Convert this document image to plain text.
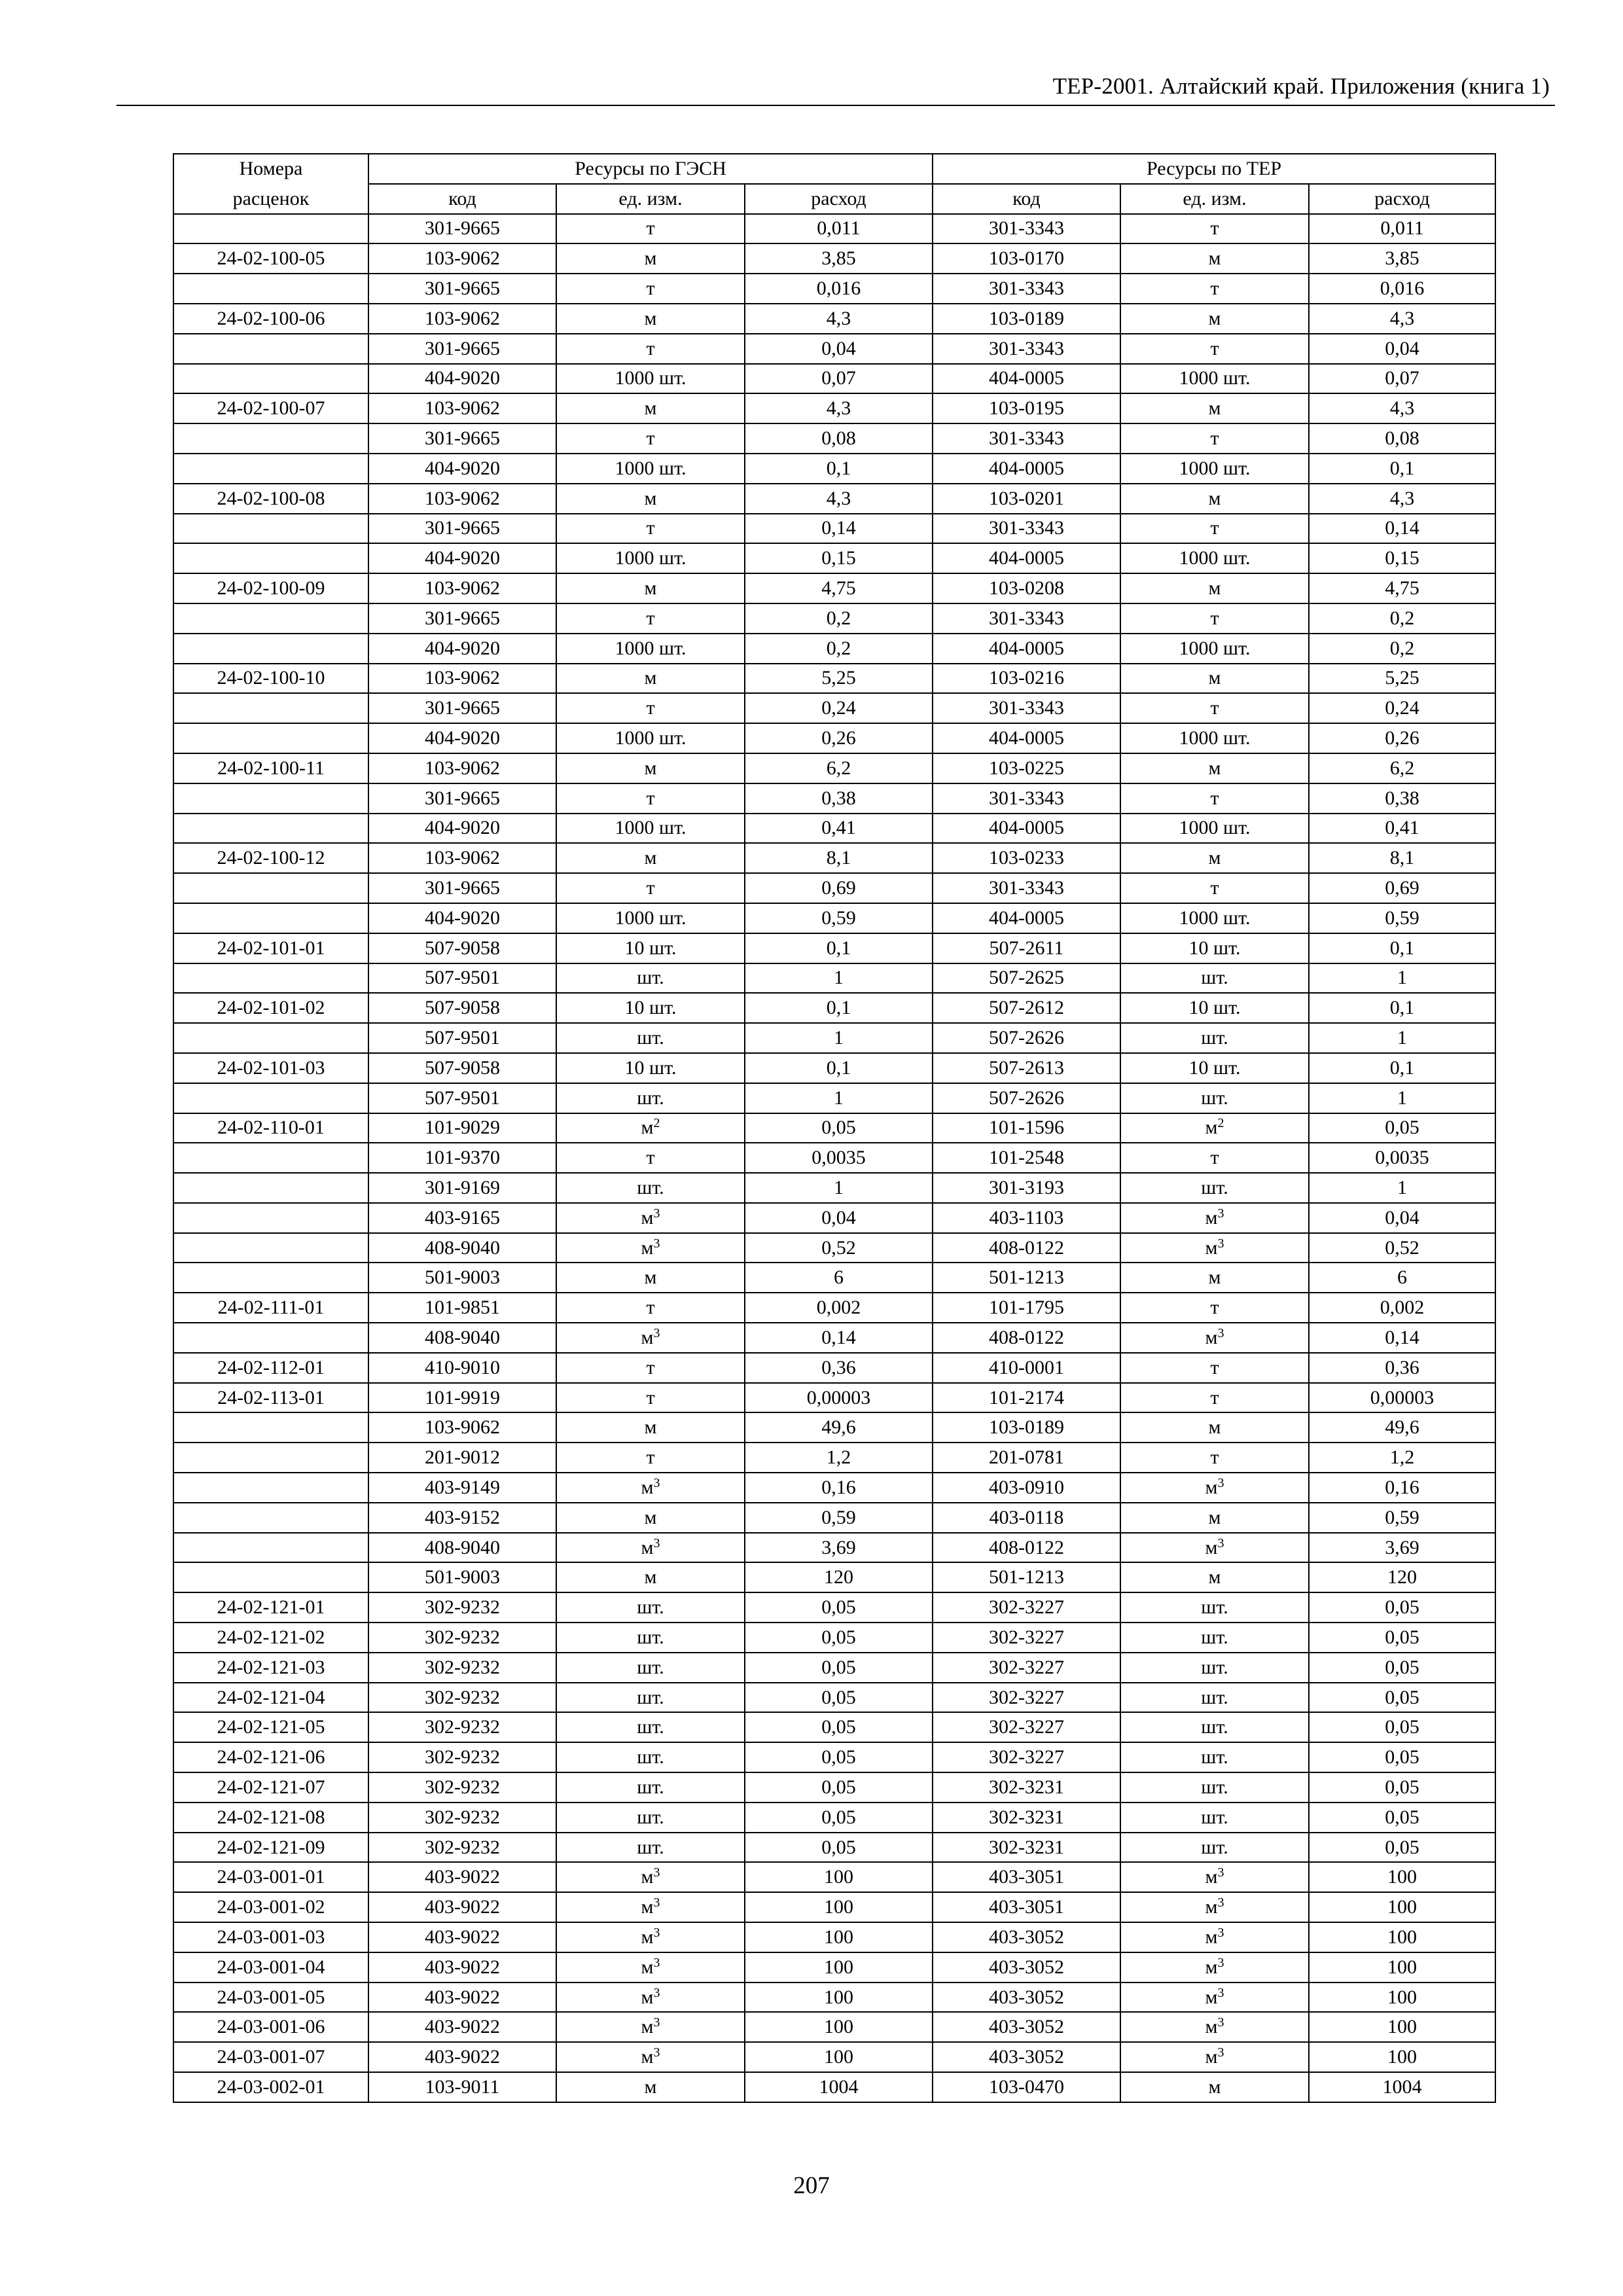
ТЕР-2001. Алтайский край. Приложения (книга 1)
Номера	Ресурсы по ГЭСН			Ресурсы по ТЕР		
расценок	код	ед. изм.	расход	код	ед. изм.	расход
	301-9665	т	0,011	301-3343	т	0,011
24-02-100-05	103-9062	м	3,85	103-0170	м	3,85
	301-9665	т	0,016	301-3343	т	0,016
24-02-100-06	103-9062	м	4,3	103-0189	м	4,3
	301-9665	т	0,04	301-3343	т	0,04
	404-9020	1000 шт.	0,07	404-0005	1000 шт.	0,07
24-02-100-07	103-9062	м	4,3	103-0195	м	4,3
	301-9665	т	0,08	301-3343	т	0,08
	404-9020	1000 шт.	0,1	404-0005	1000 шт.	0,1
24-02-100-08	103-9062	м	4,3	103-0201	м	4,3
	301-9665	т	0,14	301-3343	т	0,14
	404-9020	1000 шт.	0,15	404-0005	1000 шт.	0,15
24-02-100-09	103-9062	м	4,75	103-0208	м	4,75
	301-9665	т	0,2	301-3343	т	0,2
	404-9020	1000 шт.	0,2	404-0005	1000 шт.	0,2
24-02-100-10	103-9062	м	5,25	103-0216	м	5,25
	301-9665	т	0,24	301-3343	т	0,24
	404-9020	1000 шт.	0,26	404-0005	1000 шт.	0,26
24-02-100-11	103-9062	м	6,2	103-0225	м	6,2
	301-9665	т	0,38	301-3343	т	0,38
	404-9020	1000 шт.	0,41	404-0005	1000 шт.	0,41
24-02-100-12	103-9062	м	8,1	103-0233	м	8,1
	301-9665	т	0,69	301-3343	т	0,69
	404-9020	1000 шт.	0,59	404-0005	1000 шт.	0,59
24-02-101-01	507-9058	10 шт.	0,1	507-2611	10 шт.	0,1
	507-9501	шт.	1	507-2625	шт.	1
24-02-101-02	507-9058	10 шт.	0,1	507-2612	10 шт.	0,1
	507-9501	шт.	1	507-2626	шт.	1
24-02-101-03	507-9058	10 шт.	0,1	507-2613	10 шт.	0,1
	507-9501	шт.	1	507-2626	шт.	1
24-02-110-01	101-9029	$м^2$	0,05	101-1596	$м^2$	0,05
	101-9370	т	0,0035	101-2548	т	0,0035
	301-9169	шт.	1	301-3193	шт.	1
	403-9165	$м^3$	0,04	403-1103	$м^3$	0,04
	408-9040	$м^3$	0,52	408-0122	$м^3$	0,52
	501-9003	м	6	501-1213	м	6
24-02-111-01	101-9851	т	0,002	101-1795	т	0,002
	408-9040	$м^3$	0,14	408-0122	$м^3$	0,14
24-02-112-01	410-9010	т	0,36	410-0001	т	0,36
24-02-113-01	101-9919	т	0,00003	101-2174	т	0,00003
	103-9062	м	49,6	103-0189	м	49,6
	201-9012	т	1,2	201-0781	т	1,2
	403-9149	$м^3$	0,16	403-0910	$м^3$	0,16
	403-9152	м	0,59	403-0118	м	0,59
	408-9040	$м^3$	3,69	408-0122	$м^3$	3,69
	501-9003	м	120	501-1213	м	120
24-02-121-01	302-9232	шт.	0,05	302-3227	шт.	0,05
24-02-121-02	302-9232	шт.	0,05	302-3227	шт.	0,05
24-02-121-03	302-9232	шт.	0,05	302-3227	шт.	0,05
24-02-121-04	302-9232	шт.	0,05	302-3227	шт.	0,05
24-02-121-05	302-9232	шт.	0,05	302-3227	шт.	0,05
24-02-121-06	302-9232	шт.	0,05	302-3227	шт.	0,05
24-02-121-07	302-9232	шт.	0,05	302-3231	шт.	0,05
24-02-121-08	302-9232	шт.	0,05	302-3231	шт.	0,05
24-02-121-09	302-9232	шт.	0,05	302-3231	шт.	0,05
24-03-001-01	403-9022	$м^3$	100	403-3051	$м^3$	100
24-03-001-02	403-9022	$м^3$	100	403-3051	$м^3$	100
24-03-001-03	403-9022	$м^3$	100	403-3052	$м^3$	100
24-03-001-04	403-9022	$м^3$	100	403-3052	$м^3$	100
24-03-001-05	403-9022	$м^3$	100	403-3052	$м^3$	100
24-03-001-06	403-9022	$м^3$	100	403-3052	$м^3$	100
24-03-001-07	403-9022	$м^3$	100	403-3052	$м^3$	100
24-03-002-01	103-9011	м	1004	103-0470	м	1004
207
